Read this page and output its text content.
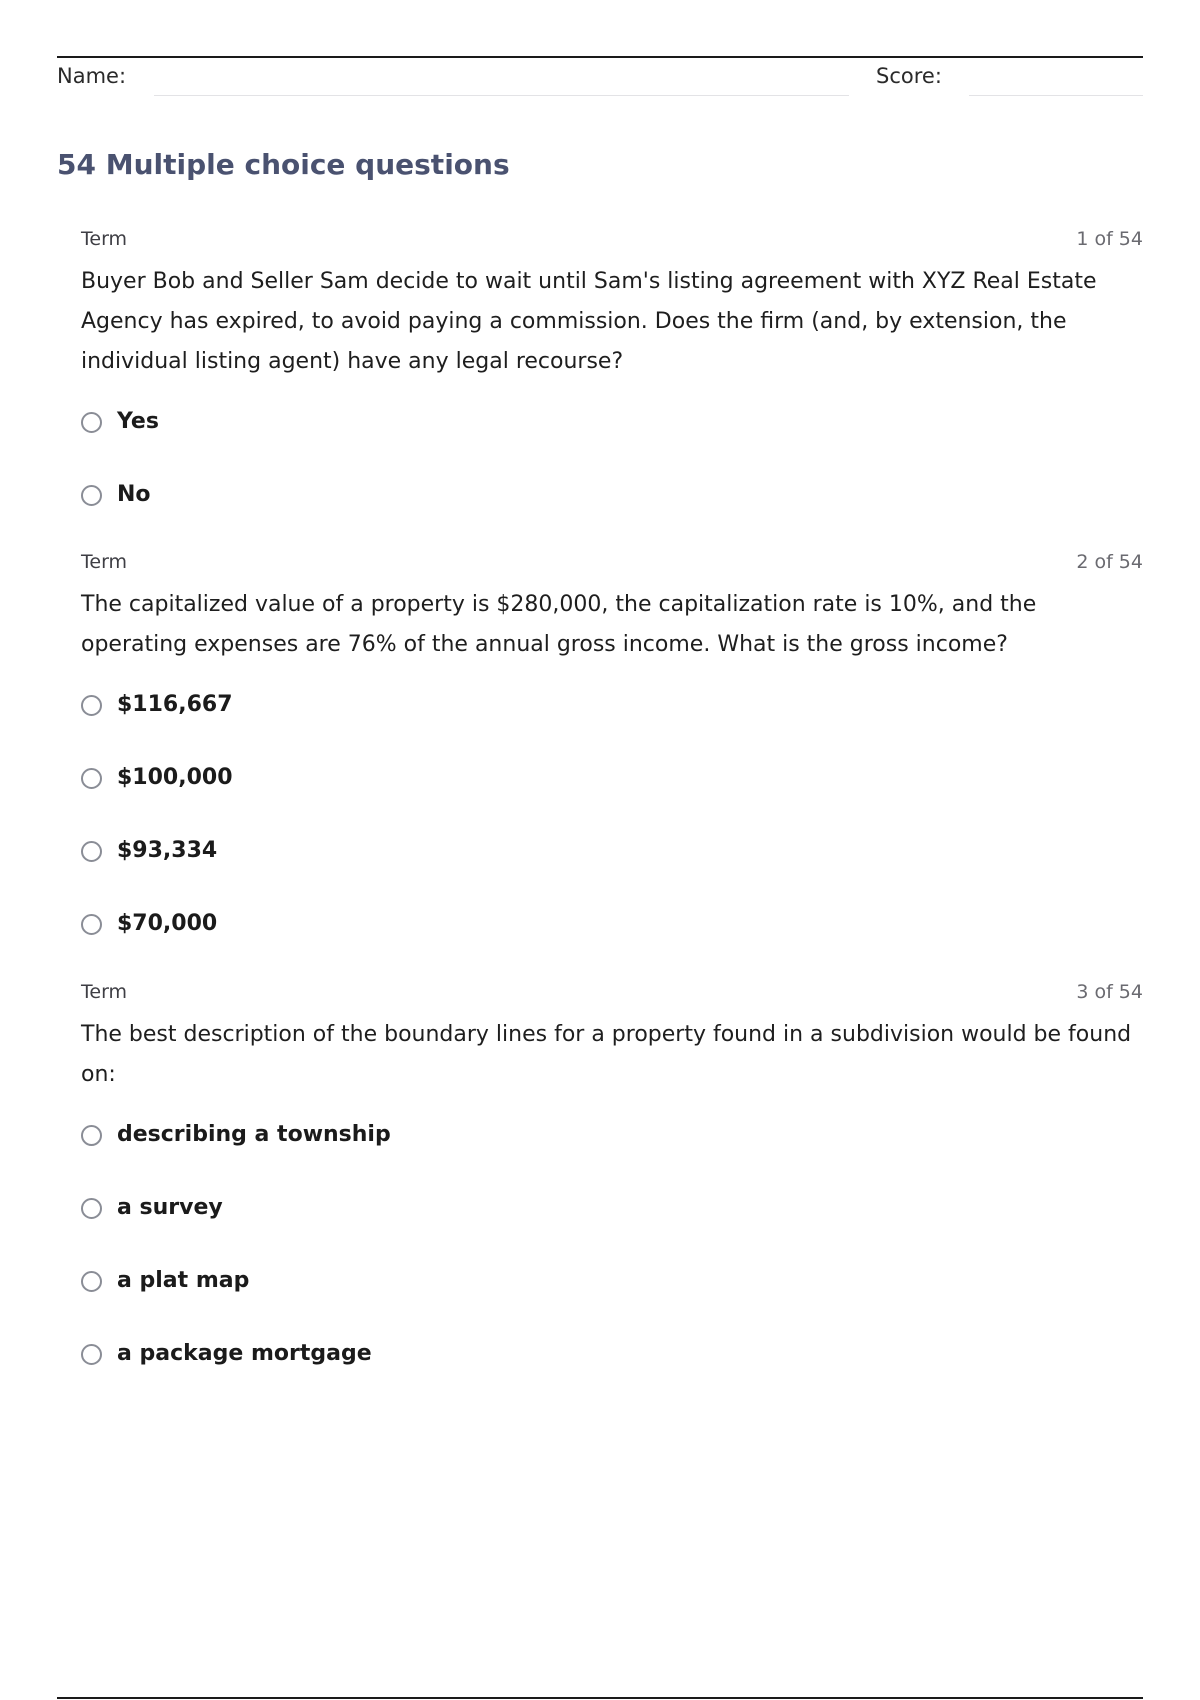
Name:	Score:
54 Multiple choice questions
Term	1 of 54
Buyer Bob and Seller Sam decide to wait until Sam's listing agreement with XYZ Real Estate Agency has expired, to avoid paying a commission. Does the firm (and, by extension, the individual listing agent) have any legal recourse?
Yes
No
Term	2 of 54
The capitalized value of a property is $280,000, the capitalization rate is 10%, and the operating expenses are 76% of the annual gross income. What is the gross income?
$116,667
$100,000
$93,334
$70,000
Term	3 of 54
The best description of the boundary lines for a property found in a subdivision would be found on:
describing a township
a survey
a plat map
a package mortgage
